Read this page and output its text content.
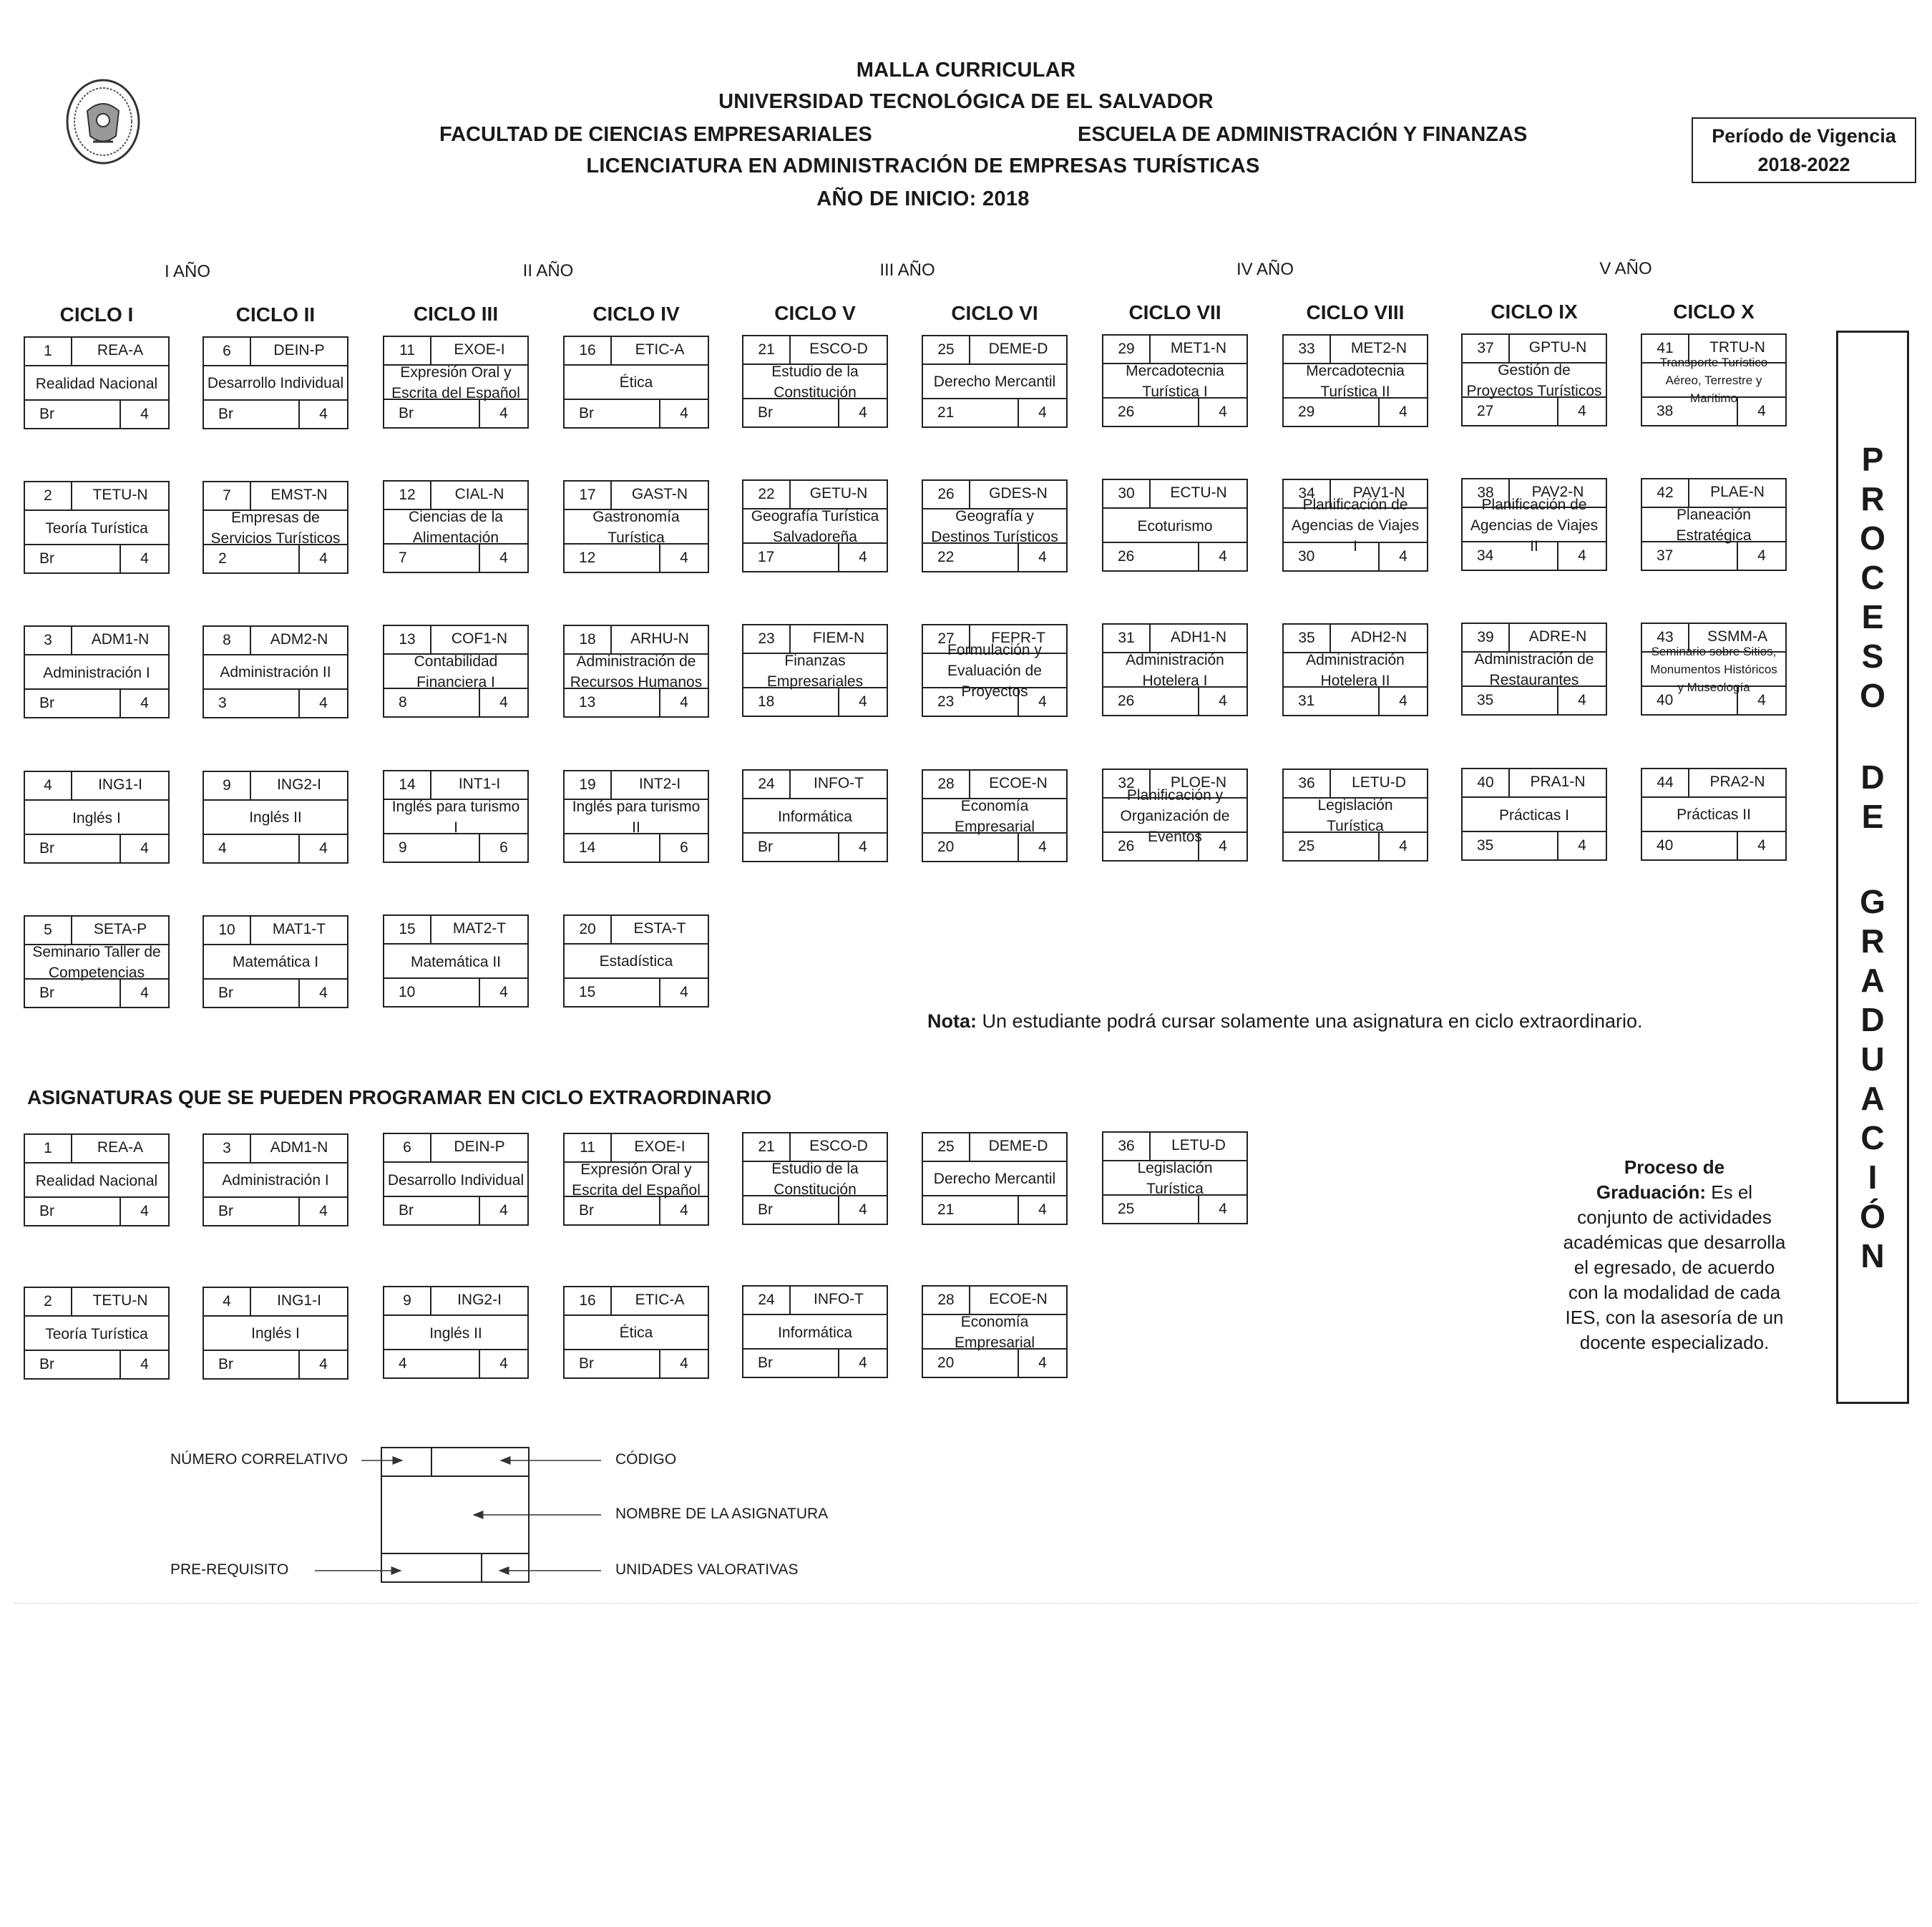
MALLA CURRICULAR
UNIVERSIDAD TECNOLÓGICA DE EL SALVADOR
FACULTAD DE CIENCIAS EMPRESARIALES	ESCUELA DE ADMINISTRACIÓN Y FINANZAS
LICENCIATURA EN ADMINISTRACIÓN DE EMPRESAS TURÍSTICAS
AÑO DE INICIO: 2018
Período de Vigencia
2018-2022
I AÑO	II AÑO	III AÑO	IV AÑO	V AÑO
CICLO I	CICLO II	CICLO III	CICLO IV	CICLO V	CICLO VI	CICLO VII	CICLO VIII	CICLO IX	CICLO X
1	REA-A
Realidad Nacional
Br	4
2	TETU-N
Teoría Turística
Br	4
3	ADM1-N
Administración I
Br	4
4	ING1-I
Inglés I
Br	4
5	SETA-P
Seminario Taller de
Competencias
Br	4
6	DEIN-P
Desarrollo Individual
Br	4
7	EMST-N
Empresas de
Servicios Turísticos
2	4
8	ADM2-N
Administración II
3	4
9	ING2-I
Inglés II
4	4
10	MAT1-T
Matemática I
Br	4
11	EXOE-I
Expresión Oral y
Escrita del Español
Br	4
12	CIAL-N
Ciencias de la
Alimentación
7	4
13	COF1-N
Contabilidad
Financiera I
8	4
14	INT1-I
Inglés para turismo
I
9	6
15	MAT2-T
Matemática II
10	4
16	ETIC-A
Ética
Br	4
17	GAST-N
Gastronomía
Turística
12	4
18	ARHU-N
Administración de
Recursos Humanos
13	4
19	INT2-I
Inglés para turismo
II
14	6
20	ESTA-T
Estadística
15	4
21	ESCO-D
Estudio de la
Constitución
Br	4
22	GETU-N
Geografía Turística
Salvadoreña
17	4
23	FIEM-N
Finanzas
Empresariales
18	4
24	INFO-T
Informática
Br	4
25	DEME-D
Derecho Mercantil
21	4
26	GDES-N
Geografía y
Destinos Turísticos
22	4
27	FEPR-T
Formulación y
Evaluación de
Proyectos
23	4
28	ECOE-N
Economía
Empresarial
20	4
29	MET1-N
Mercadotecnia
Turística I
26	4
30	ECTU-N
Ecoturismo
26	4
31	ADH1-N
Administración
Hotelera I
26	4
32	PLOE-N
Planificación y
Organización de
Eventos
26	4
33	MET2-N
Mercadotecnia
Turística II
29	4
34	PAV1-N
Planificación de
Agencias de Viajes
I
30	4
35	ADH2-N
Administración
Hotelera II
31	4
36	LETU-D
Legislación
Turística
25	4
37	GPTU-N
Gestión de
Proyectos Turísticos
27	4
38	PAV2-N
Planificación de
Agencias de Viajes
II
34	4
39	ADRE-N
Administración de
Restaurantes
35	4
40	PRA1-N
Prácticas I
35	4
41	TRTU-N
Transporte Turístico
Aéreo, Terrestre y
Marítimo
38	4
42	PLAE-N
Planeación
Estratégica
37	4
43	SSMM-A
Seminario sobre Sitios,
Monumentos Históricos
y Museología
40	4
44	PRA2-N
Prácticas II
40	4
Nota: Un estudiante podrá cursar solamente una asignatura en ciclo extraordinario.
ASIGNATURAS QUE SE PUEDEN PROGRAMAR EN CICLO EXTRAORDINARIO
1	REA-A
Realidad Nacional
Br	4
3	ADM1-N
Administración I
Br	4
6	DEIN-P
Desarrollo Individual
Br	4
11	EXOE-I
Expresión Oral y
Escrita del Español
Br	4
21	ESCO-D
Estudio de la
Constitución
Br	4
25	DEME-D
Derecho Mercantil
21	4
36	LETU-D
Legislación
Turística
25	4
2	TETU-N
Teoría Turística
Br	4
4	ING1-I
Inglés I
Br	4
9	ING2-I
Inglés II
4	4
16	ETIC-A
Ética
Br	4
24	INFO-T
Informática
Br	4
28	ECOE-N
Economía
Empresarial
20	4
P
R
O
C
E
S
O
D
E
G
R
A
D
U
A
C
I
Ó
N
Proceso de
Graduación: Es el conjunto de actividades académicas que desarrolla el egresado, de acuerdo con la modalidad de cada IES, con la asesoría de un docente especializado.
NÚMERO CORRELATIVO	CÓDIGO
NOMBRE DE LA ASIGNATURA
PRE-REQUISITO	UNIDADES VALORATIVAS
